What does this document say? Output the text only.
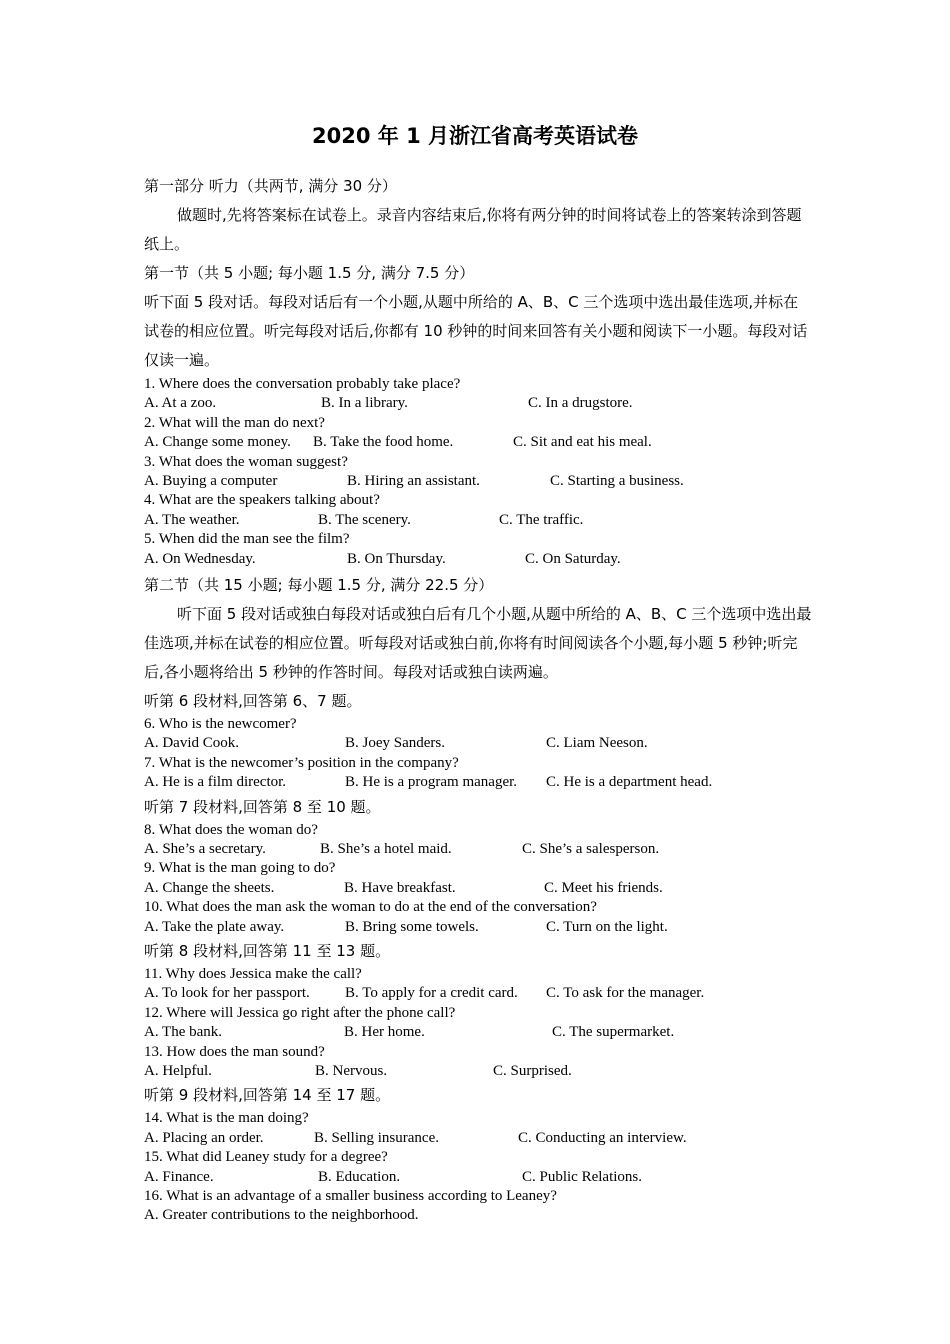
2020 年 1 月浙江省高考英语试卷

第一部分 听力（共两节, 满分 30 分）

做题时,先将答案标在试卷上。录音内容结束后,你将有两分钟的时间将试卷上的答案转涂到答题纸上。

第一节（共 5 小题; 每小题 1.5 分, 满分 7.5 分）

听下面 5 段对话。每段对话后有一个小题,从题中所给的 A、B、C 三个选项中选出最佳选项,并标在试卷的相应位置。听完每段对话后,你都有 10 秒钟的时间来回答有关小题和阅读下一小题。每段对话仅读一遍。

1. Where does the conversation probably take place?

A. At a zoo.	B. In a library.	C. In a drugstore.

2. What will the man do next?

A. Change some money. B. Take the food home.	C. Sit and eat his meal.

3. What does the woman suggest?

A. Buying a computer	B. Hiring an assistant.	C. Starting a business.

4. What are the speakers talking about?

A. The weather.	B. The scenery.	C. The traffic.

5. When did the man see the film?

A. On Wednesday.	B. On Thursday.	C. On Saturday.

第二节（共 15 小题; 每小题 1.5 分, 满分 22.5 分）

听下面 5 段对话或独白每段对话或独白后有几个小题,从题中所给的 A、B、C 三个选项中选出最佳选项,并标在试卷的相应位置。听每段对话或独白前,你将有时间阅读各个小题,每小题 5 秒钟;听完后,各小题将给出 5 秒钟的作答时间。每段对话或独白读两遍。

听第 6 段材料,回答第 6、7 题。

6. Who is the newcomer?

A. David Cook.	B. Joey Sanders.	C. Liam Neeson.

7. What is the newcomer’s position in the company?

A. He is a film director.	B. He is a program manager. C. He is a department head.

听第 7 段材料,回答第 8 至 10 题。

8. What does the woman do?

A. She’s a secretary.	B. She’s a hotel maid.	C. She’s a salesperson.

9. What is the man going to do?

A. Change the sheets.	B. Have breakfast.	C. Meet his friends.

10. What does the man ask the woman to do at the end of the conversation?

A. Take the plate away.	B. Bring some towels.	C. Turn on the light.

听第 8 段材料,回答第 11 至 13 题。

11. Why does Jessica make the call?

A. To look for her passport. B. To apply for a credit card. C. To ask for the manager.

12. Where will Jessica go right after the phone call?

A. The bank.	B. Her home.	C. The supermarket.

13. How does the man sound?

A. Helpful.	B. Nervous.	C. Surprised.

听第 9 段材料,回答第 14 至 17 题。

14. What is the man doing?

A. Placing an order.	B. Selling insurance.	C. Conducting an interview.

15. What did Leaney study for a degree?

A. Finance.	B. Education.	C. Public Relations.

16. What is an advantage of a smaller business according to Leaney?

A. Greater contributions to the neighborhood.
